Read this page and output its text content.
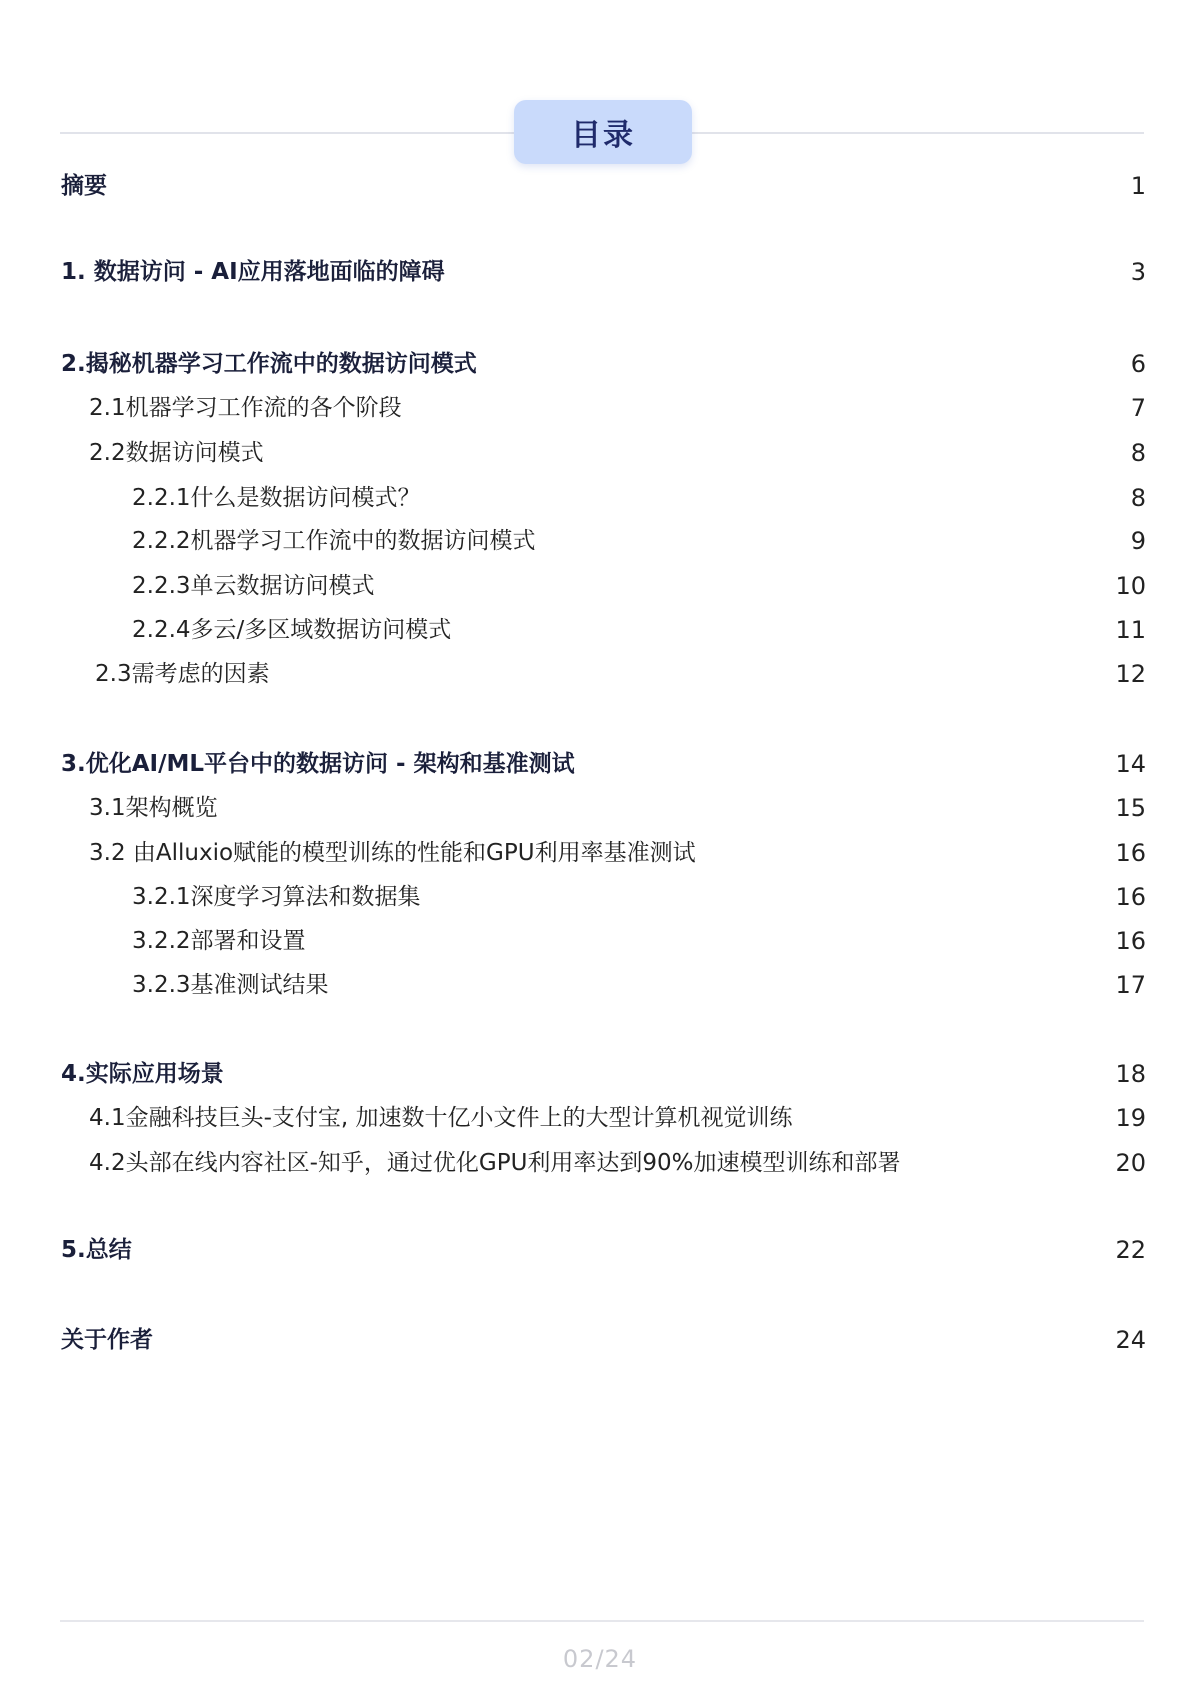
目录
摘要	1
1. 数据访问 - AI应用落地面临的障碍	3
2.揭秘机器学习工作流中的数据访问模式	6
2.1机器学习工作流的各个阶段	7
2.2数据访问模式	8
2.2.1什么是数据访问模式？	8
2.2.2机器学习工作流中的数据访问模式	9
2.2.3单云数据访问模式	10
2.2.4多云/多区域数据访问模式	11
2.3需考虑的因素	12
3.优化AI/ML平台中的数据访问 - 架构和基准测试	14
3.1架构概览	15
3.2 由Alluxio赋能的模型训练的性能和GPU利用率基准测试	16
3.2.1深度学习算法和数据集	16
3.2.2部署和设置	16
3.2.3基准测试结果	17
4.实际应用场景	18
4.1金融科技巨头-支付宝, 加速数十亿小文件上的大型计算机视觉训练	19
4.2头部在线内容社区-知乎，通过优化GPU利用率达到90%加速模型训练和部署	20
5.总结	22
关于作者	24
02/24
